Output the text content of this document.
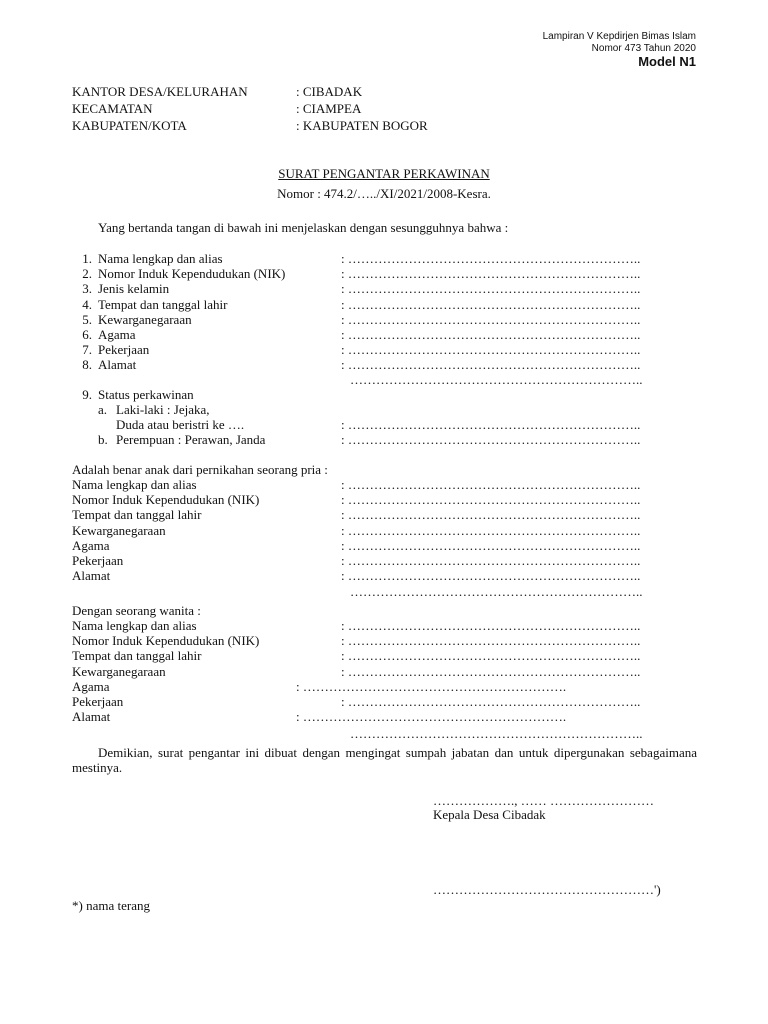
Lampiran V Kepdirjen Bimas Islam
Nomor 473 Tahun 2020
Model N1
KANTOR DESA/KELURAHAN	: CIBADAK
KECAMATAN	: CIAMPEA
KABUPATEN/KOTA	: KABUPATEN BOGOR
SURAT PENGANTAR PERKAWINAN
Nomor : 474.2/…../XI/2021/2008-Kesra.
Yang bertanda tangan di bawah ini menjelaskan dengan sesungguhnya bahwa :
1. Nama lengkap dan alias	: …………………………………………………………..
2. Nomor Induk Kependudukan (NIK)	: …………………………………………………………..
3. Jenis kelamin	: …………………………………………………………..
4. Tempat dan tanggal lahir	: …………………………………………………………..
5. Kewarganegaraan	: …………………………………………………………..
6. Agama	: …………………………………………………………..
7. Pekerjaan	: …………………………………………………………..
8. Alamat	: …………………………………………………………..
…………………………………………………………..
9. Status perkawinan
a. Laki-laki : Jejaka,
Duda atau beristri ke ….	: …………………………………………………………..
b. Perempuan : Perawan, Janda	: …………………………………………………………..
Adalah benar anak dari pernikahan seorang pria :
Nama lengkap dan alias	: …………………………………………………………..
Nomor Induk Kependudukan (NIK)	: …………………………………………………………..
Tempat dan tanggal lahir	: …………………………………………………………..
Kewarganegaraan	: …………………………………………………………..
Agama	: …………………………………………………………..
Pekerjaan	: …………………………………………………………..
Alamat	: …………………………………………………………..
…………………………………………………………..
Dengan seorang wanita :
Nama lengkap dan alias	: …………………………………………………………..
Nomor Induk Kependudukan (NIK)	: …………………………………………………………..
Tempat dan tanggal lahir	: …………………………………………………………..
Kewarganegaraan	: …………………………………………………………..
Agama	: …………………………………………………….
Pekerjaan	: …………………………………………………………..
Alamat	: …………………………………………………….
…………………………………………………………..
Demikian, surat pengantar ini dibuat dengan mengingat sumpah jabatan dan untuk dipergunakan sebagaimana mestinya.
………………., …… ……………………
Kepala Desa Cibadak
……………………………………………')
*) nama terang
